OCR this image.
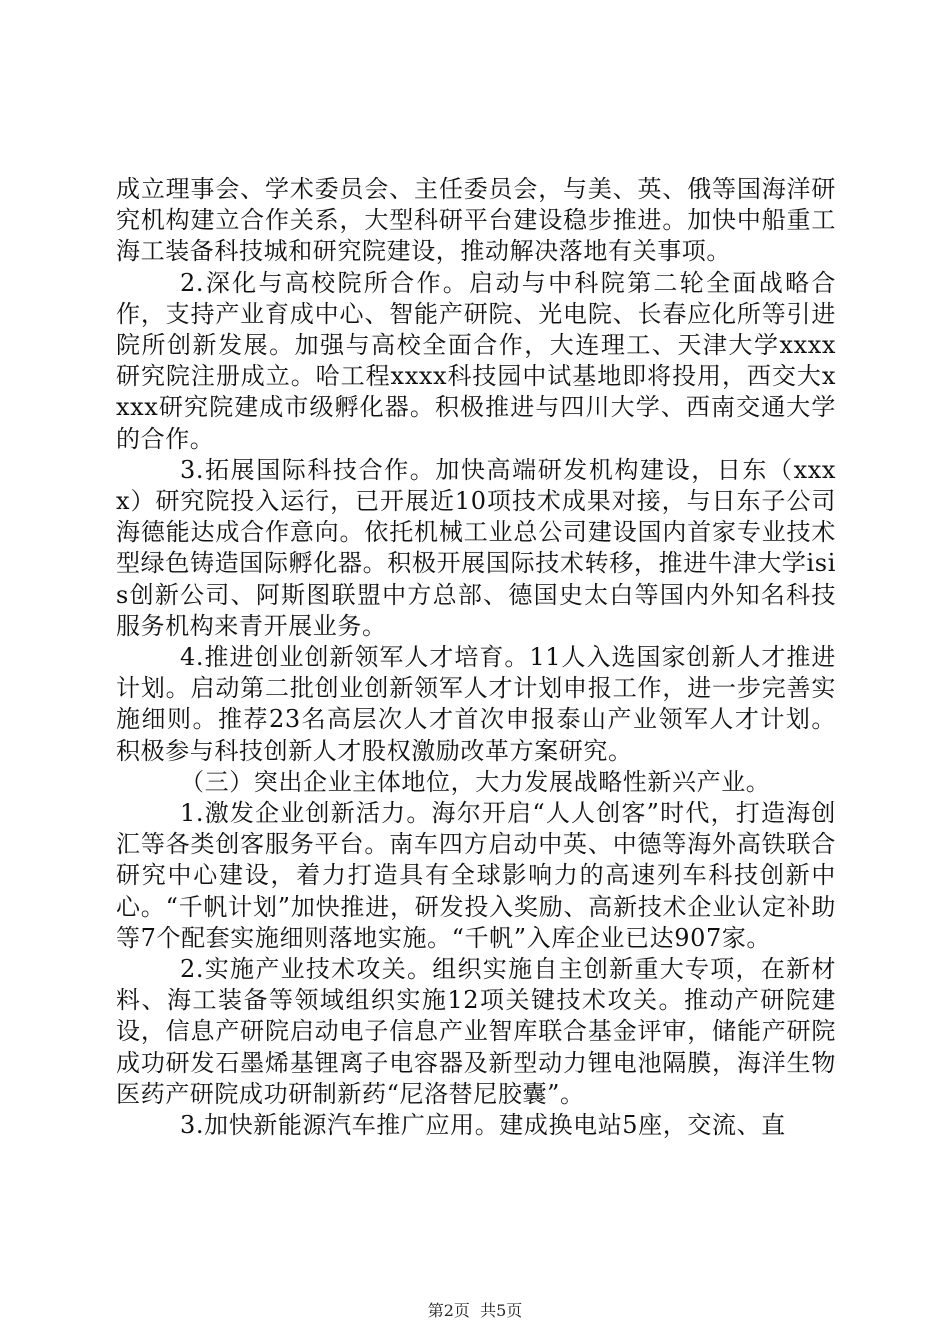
成立理事会、学术委员会、主任委员会，与美、英、俄等国海洋研究机构建立合作关系，大型科研平台建设稳步推进。加快中船重工海工装备科技城和研究院建设，推动解决落地有关事项。

2.深化与高校院所合作。启动与中科院第二轮全面战略合作，支持产业育成中心、智能产研院、光电院、长春应化所等引进院所创新发展。加强与高校全面合作，大连理工、天津大学xxxx研究院注册成立。哈工程xxxx科技园中试基地即将投用，西交大xxxx研究院建成市级孵化器。积极推进与四川大学、西南交通大学的合作。

3.拓展国际科技合作。加快高端研发机构建设，日东（xxxx）研究院投入运行，已开展近10项技术成果对接，与日东子公司海德能达成合作意向。依托机械工业总公司建设国内首家专业技术型绿色铸造国际孵化器。积极开展国际技术转移，推进牛津大学isis创新公司、阿斯图联盟中方总部、德国史太白等国内外知名科技服务机构来青开展业务。

4.推进创业创新领军人才培育。11人入选国家创新人才推进计划。启动第二批创业创新领军人才计划申报工作，进一步完善实施细则。推荐23名高层次人才首次申报泰山产业领军人才计划。积极参与科技创新人才股权激励改革方案研究。

（三）突出企业主体地位，大力发展战略性新兴产业。

1.激发企业创新活力。海尔开启“人人创客”时代，打造海创汇等各类创客服务平台。南车四方启动中英、中德等海外高铁联合研究中心建设，着力打造具有全球影响力的高速列车科技创新中心。“千帆计划”加快推进，研发投入奖励、高新技术企业认定补助等7个配套实施细则落地实施。“千帆”入库企业已达907家。

2.实施产业技术攻关。组织实施自主创新重大专项，在新材料、海工装备等领域组织实施12项关键技术攻关。推动产研院建设，信息产研院启动电子信息产业智库联合基金评审，储能产研院成功研发石墨烯基锂离子电容器及新型动力锂电池隔膜，海洋生物医药产研院成功研制新药“尼洛替尼胶囊”。

3.加快新能源汽车推广应用。建成换电站5座，交流、直

第2页  共5页
